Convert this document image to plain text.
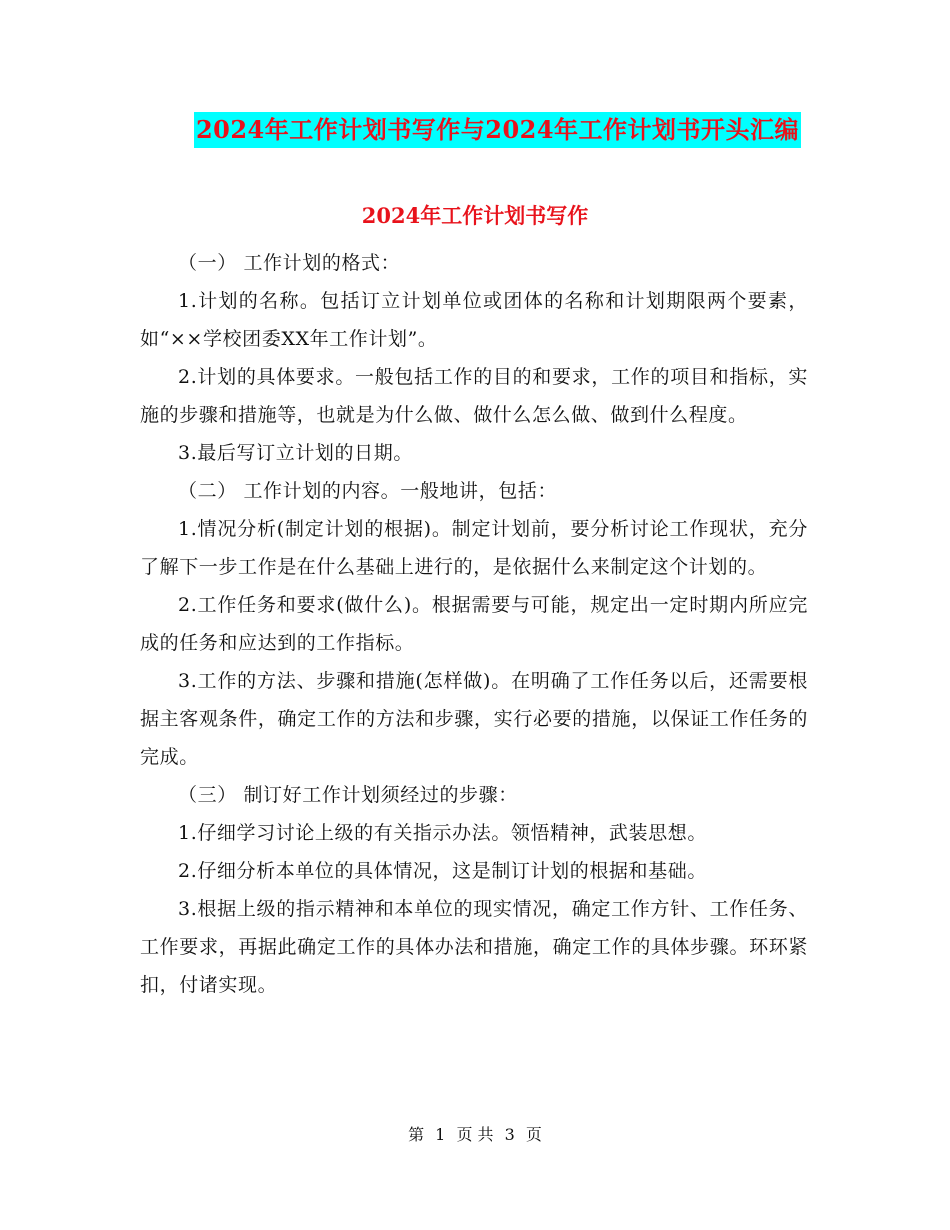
2024年工作计划书写作与2024年工作计划书开头汇编
2024年工作计划书写作

（一） 工作计划的格式：

1.计划的名称。包括订立计划单位或团体的名称和计划期限两个要素，如“××学校团委XX年工作计划”。

2.计划的具体要求。一般包括工作的目的和要求，工作的项目和指标，实施的步骤和措施等，也就是为什么做、做什么怎么做、做到什么程度。

3.最后写订立计划的日期。

（二） 工作计划的内容。一般地讲，包括：

1.情况分析(制定计划的根据)。制定计划前，要分析讨论工作现状，充分了解下一步工作是在什么基础上进行的，是依据什么来制定这个计划的。

2.工作任务和要求(做什么)。根据需要与可能，规定出一定时期内所应完成的任务和应达到的工作指标。

3.工作的方法、步骤和措施(怎样做)。在明确了工作任务以后，还需要根据主客观条件，确定工作的方法和步骤，实行必要的措施，以保证工作任务的完成。

（三） 制订好工作计划须经过的步骤：

1.仔细学习讨论上级的有关指示办法。领悟精神，武装思想。

2.仔细分析本单位的具体情况，这是制订计划的根据和基础。

3.根据上级的指示精神和本单位的现实情况，确定工作方针、工作任务、工作要求，再据此确定工作的具体办法和措施，确定工作的具体步骤。环环紧扣，付诸实现。

第 1 页 共 3 页
